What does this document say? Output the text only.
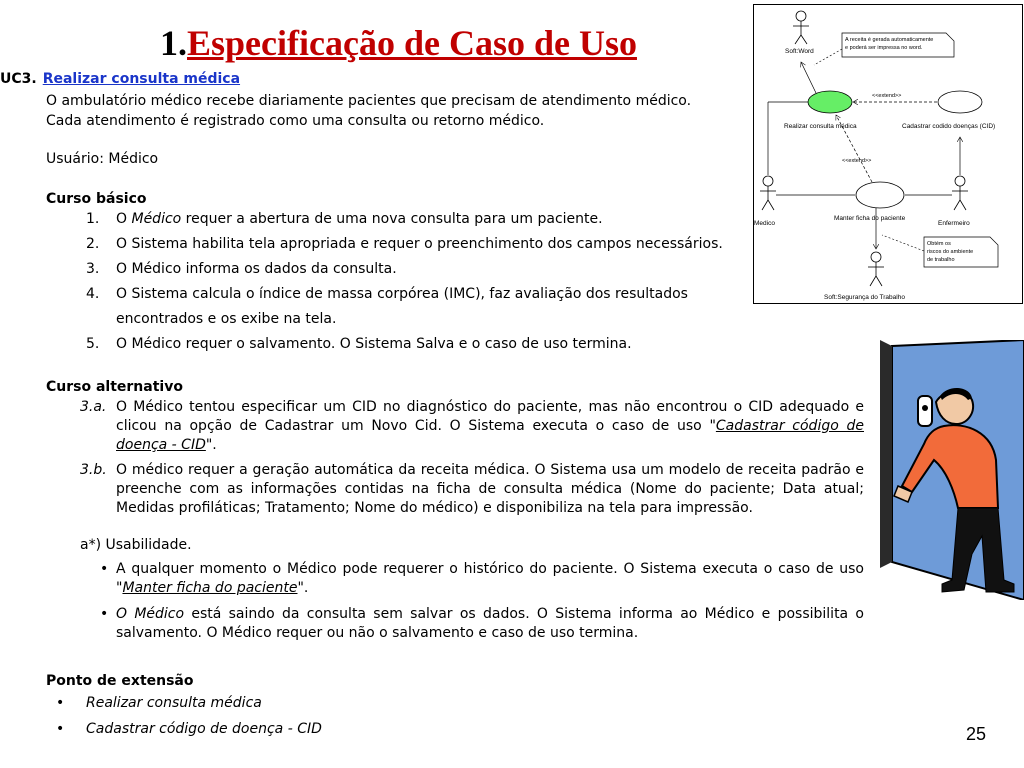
1.Especificação de Caso de Uso
UC3. Realizar consulta médica
O ambulatório médico recebe diariamente pacientes que precisam de atendimento médico.
Cada atendimento é registrado como uma consulta ou retorno médico.
Usuário: Médico
Curso básico
1. O Médico requer a abertura de uma nova consulta para um paciente.
2. O Sistema habilita tela apropriada e requer o preenchimento dos campos necessários.
3. O Médico informa os dados da consulta.
4. O Sistema calcula o índice de massa corpórea (IMC), faz avaliação dos resultados
encontrados e os exibe na tela.
5. O Médico requer o salvamento. O Sistema Salva e o caso de uso termina.
Curso alternativo
3.a. O Médico tentou especificar um CID no diagnóstico do paciente, mas não encontrou o CID adequado e clicou na opção de Cadastrar um Novo Cid. O Sistema executa o caso de uso "Cadastrar código de doença - CID".
3.b. O médico requer a geração automática da receita médica. O Sistema usa um modelo de receita padrão e preenche com as informações contidas na ficha de consulta médica (Nome do paciente; Data atual; Medidas profiláticas; Tratamento; Nome do médico) e disponibiliza na tela para impressão.
a*) Usabilidade.
• A qualquer momento o Médico pode requerer o histórico do paciente. O Sistema executa o caso de uso "Manter ficha do paciente".
• O Médico está saindo da consulta sem salvar os dados. O Sistema informa ao Médico e possibilita o salvamento. O Médico requer ou não o salvamento e caso de uso termina.
Ponto de extensão
• Realizar consulta médica
• Cadastrar código de doença - CID
Soft:Word
A receita é gerada automaticamente
e poderá ser impressa no word.
Realizar consulta médica	Cadastrar codido doenças (CID)
<<extend>>
Manter ficha do paciente
<<extend>>
Medico	Enfermeiro
Soft:Segurança do Trabalho
Obtém os
riscos do ambiente
de trabalho
25
